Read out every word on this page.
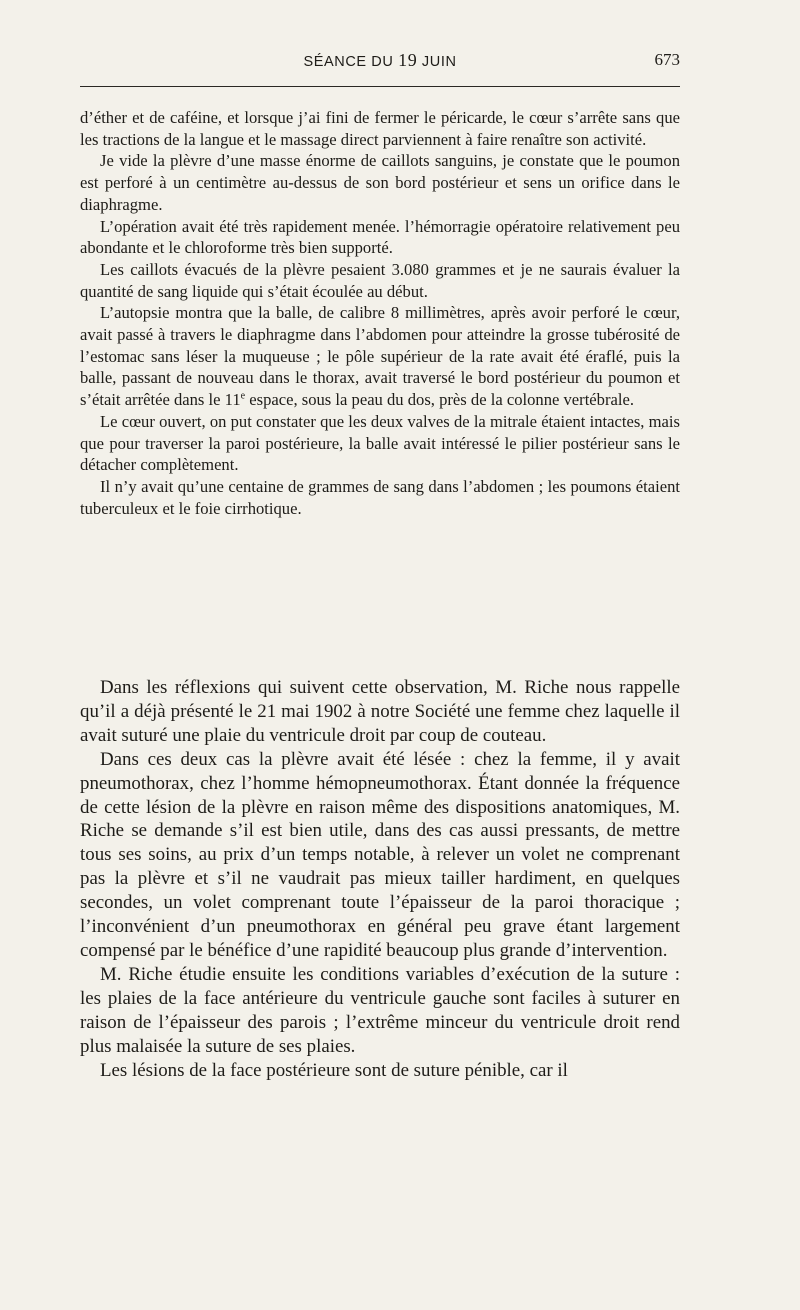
SÉANCE DU 19 JUIN	673

d’éther et de caféine, et lorsque j’ai fini de fermer le péricarde, le cœur s’arrête sans que les tractions de la langue et le massage direct parviennent à faire renaître son activité.

Je vide la plèvre d’une masse énorme de caillots sanguins, je constate que le poumon est perforé à un centimètre au-dessus de son bord postérieur et sens un orifice dans le diaphragme.

L’opération avait été très rapidement menée. l’hémorragie opératoire relativement peu abondante et le chloroforme très bien supporté.

Les caillots évacués de la plèvre pesaient 3.080 grammes et je ne saurais évaluer la quantité de sang liquide qui s’était écoulée au début.

L’autopsie montra que la balle, de calibre 8 millimètres, après avoir perforé le cœur, avait passé à travers le diaphragme dans l’abdomen pour atteindre la grosse tubérosité de l’estomac sans léser la muqueuse ; le pôle supérieur de la rate avait été éraflé, puis la balle, passant de nouveau dans le thorax, avait traversé le bord postérieur du poumon et s’était arrêtée dans le 11e espace, sous la peau du dos, près de la colonne vertébrale.

Le cœur ouvert, on put constater que les deux valves de la mitrale étaient intactes, mais que pour traverser la paroi postérieure, la balle avait intéressé le pilier postérieur sans le détacher complètement.

Il n’y avait qu’une centaine de grammes de sang dans l’abdomen ; les poumons étaient tuberculeux et le foie cirrhotique.

Dans les réflexions qui suivent cette observation, M. Riche nous rappelle qu’il a déjà présenté le 21 mai 1902 à notre Société une femme chez laquelle il avait suturé une plaie du ventricule droit par coup de couteau.

Dans ces deux cas la plèvre avait été lésée : chez la femme, il y avait pneumothorax, chez l’homme hémopneumothorax. Étant donnée la fréquence de cette lésion de la plèvre en raison même des dispositions anatomiques, M. Riche se demande s’il est bien utile, dans des cas aussi pressants, de mettre tous ses soins, au prix d’un temps notable, à relever un volet ne comprenant pas la plèvre et s’il ne vaudrait pas mieux tailler hardiment, en quelques secondes, un volet comprenant toute l’épaisseur de la paroi thoracique ; l’inconvénient d’un pneumothorax en général peu grave étant largement compensé par le bénéfice d’une rapidité beaucoup plus grande d’intervention.

M. Riche étudie ensuite les conditions variables d’exécution de la suture : les plaies de la face antérieure du ventricule gauche sont faciles à suturer en raison de l’épaisseur des parois ; l’extrême minceur du ventricule droit rend plus malaisée la suture de ses plaies.

Les lésions de la face postérieure sont de suture pénible, car il
